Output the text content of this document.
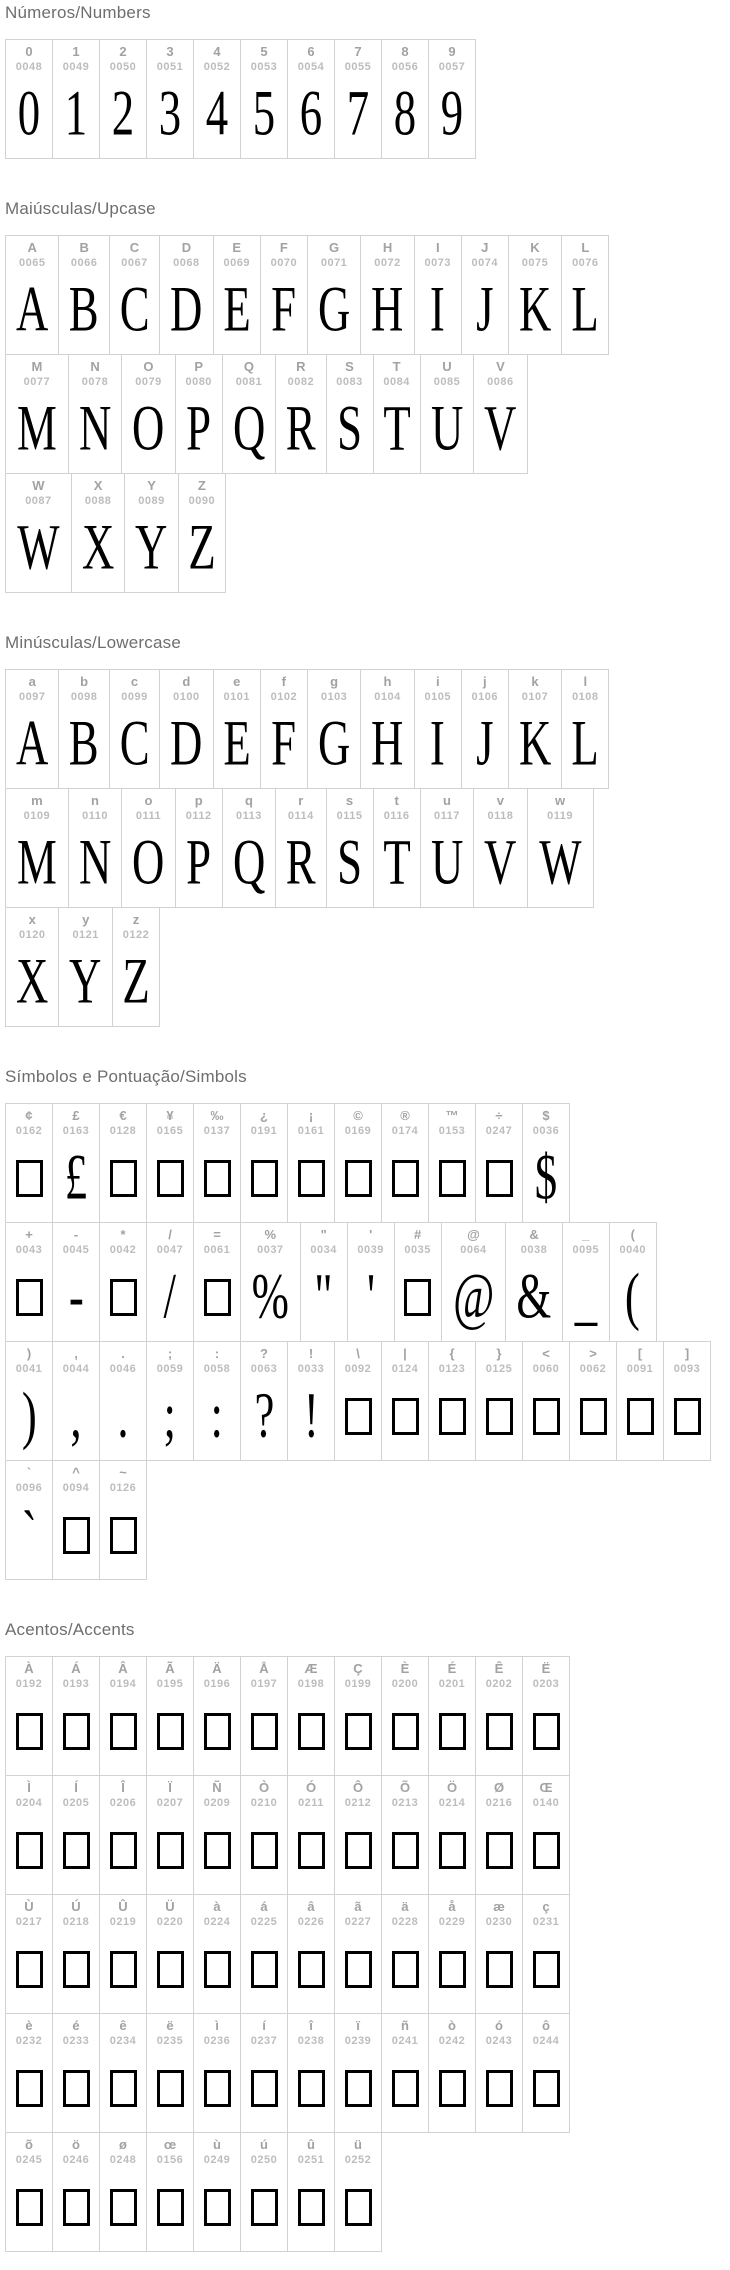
Números/Numbers
0
0048
0
1
0049
1
2
0050
2
3
0051
3
4
0052
4
5
0053
5
6
0054
6
7
0055
7
8
0056
8
9
0057
9
Maiúsculas/Upcase
A
0065
A
B
0066
B
C
0067
C
D
0068
D
E
0069
E
F
0070
F
G
0071
G
H
0072
H
I
0073
I
J
0074
J
K
0075
K
L
0076
L
M
0077
M
N
0078
N
O
0079
O
P
0080
P
Q
0081
Q
R
0082
R
S
0083
S
T
0084
T
U
0085
U
V
0086
V
W
0087
W
X
0088
X
Y
0089
Y
Z
0090
Z
Minúsculas/Lowercase
a
0097
A
b
0098
B
c
0099
C
d
0100
D
e
0101
E
f
0102
F
g
0103
G
h
0104
H
i
0105
I
j
0106
J
k
0107
K
l
0108
L
m
0109
M
n
0110
N
o
0111
O
p
0112
P
q
0113
Q
r
0114
R
s
0115
S
t
0116
T
u
0117
U
v
0118
V
w
0119
W
x
0120
X
y
0121
Y
z
0122
Z
Símbolos e Pontuação/Simbols
¢
0162
£
0163
£
€
0128
¥
0165
‰
0137
¿
0191
¡
0161
©
0169
®
0174
™
0153
÷
0247
$
0036
$
+
0043
-
0045
-
*
0042
/
0047
/
=
0061
%
0037
%
"
0034
"
'
0039
'
#
0035
@
0064
@
&
0038
&
_
0095
_
(
0040
(
)
0041
)
,
0044
,
.
0046
.
;
0059
;
:
0058
:
?
0063
?
!
0033
!
\
0092
|
0124
{
0123
}
0125
<
0060
>
0062
[
0091
]
0093
`
0096
`
^
0094
~
0126
Acentos/Accents
À
0192
Á
0193
Â
0194
Ã
0195
Ä
0196
Å
0197
Æ
0198
Ç
0199
È
0200
É
0201
Ê
0202
Ë
0203
Ì
0204
Í
0205
Î
0206
Ï
0207
Ñ
0209
Ò
0210
Ó
0211
Ô
0212
Õ
0213
Ö
0214
Ø
0216
Œ
0140
Ù
0217
Ú
0218
Û
0219
Ü
0220
à
0224
á
0225
â
0226
ã
0227
ä
0228
å
0229
æ
0230
ç
0231
è
0232
é
0233
ê
0234
ë
0235
ì
0236
í
0237
î
0238
ï
0239
ñ
0241
ò
0242
ó
0243
ô
0244
õ
0245
ö
0246
ø
0248
œ
0156
ù
0249
ú
0250
û
0251
ü
0252
